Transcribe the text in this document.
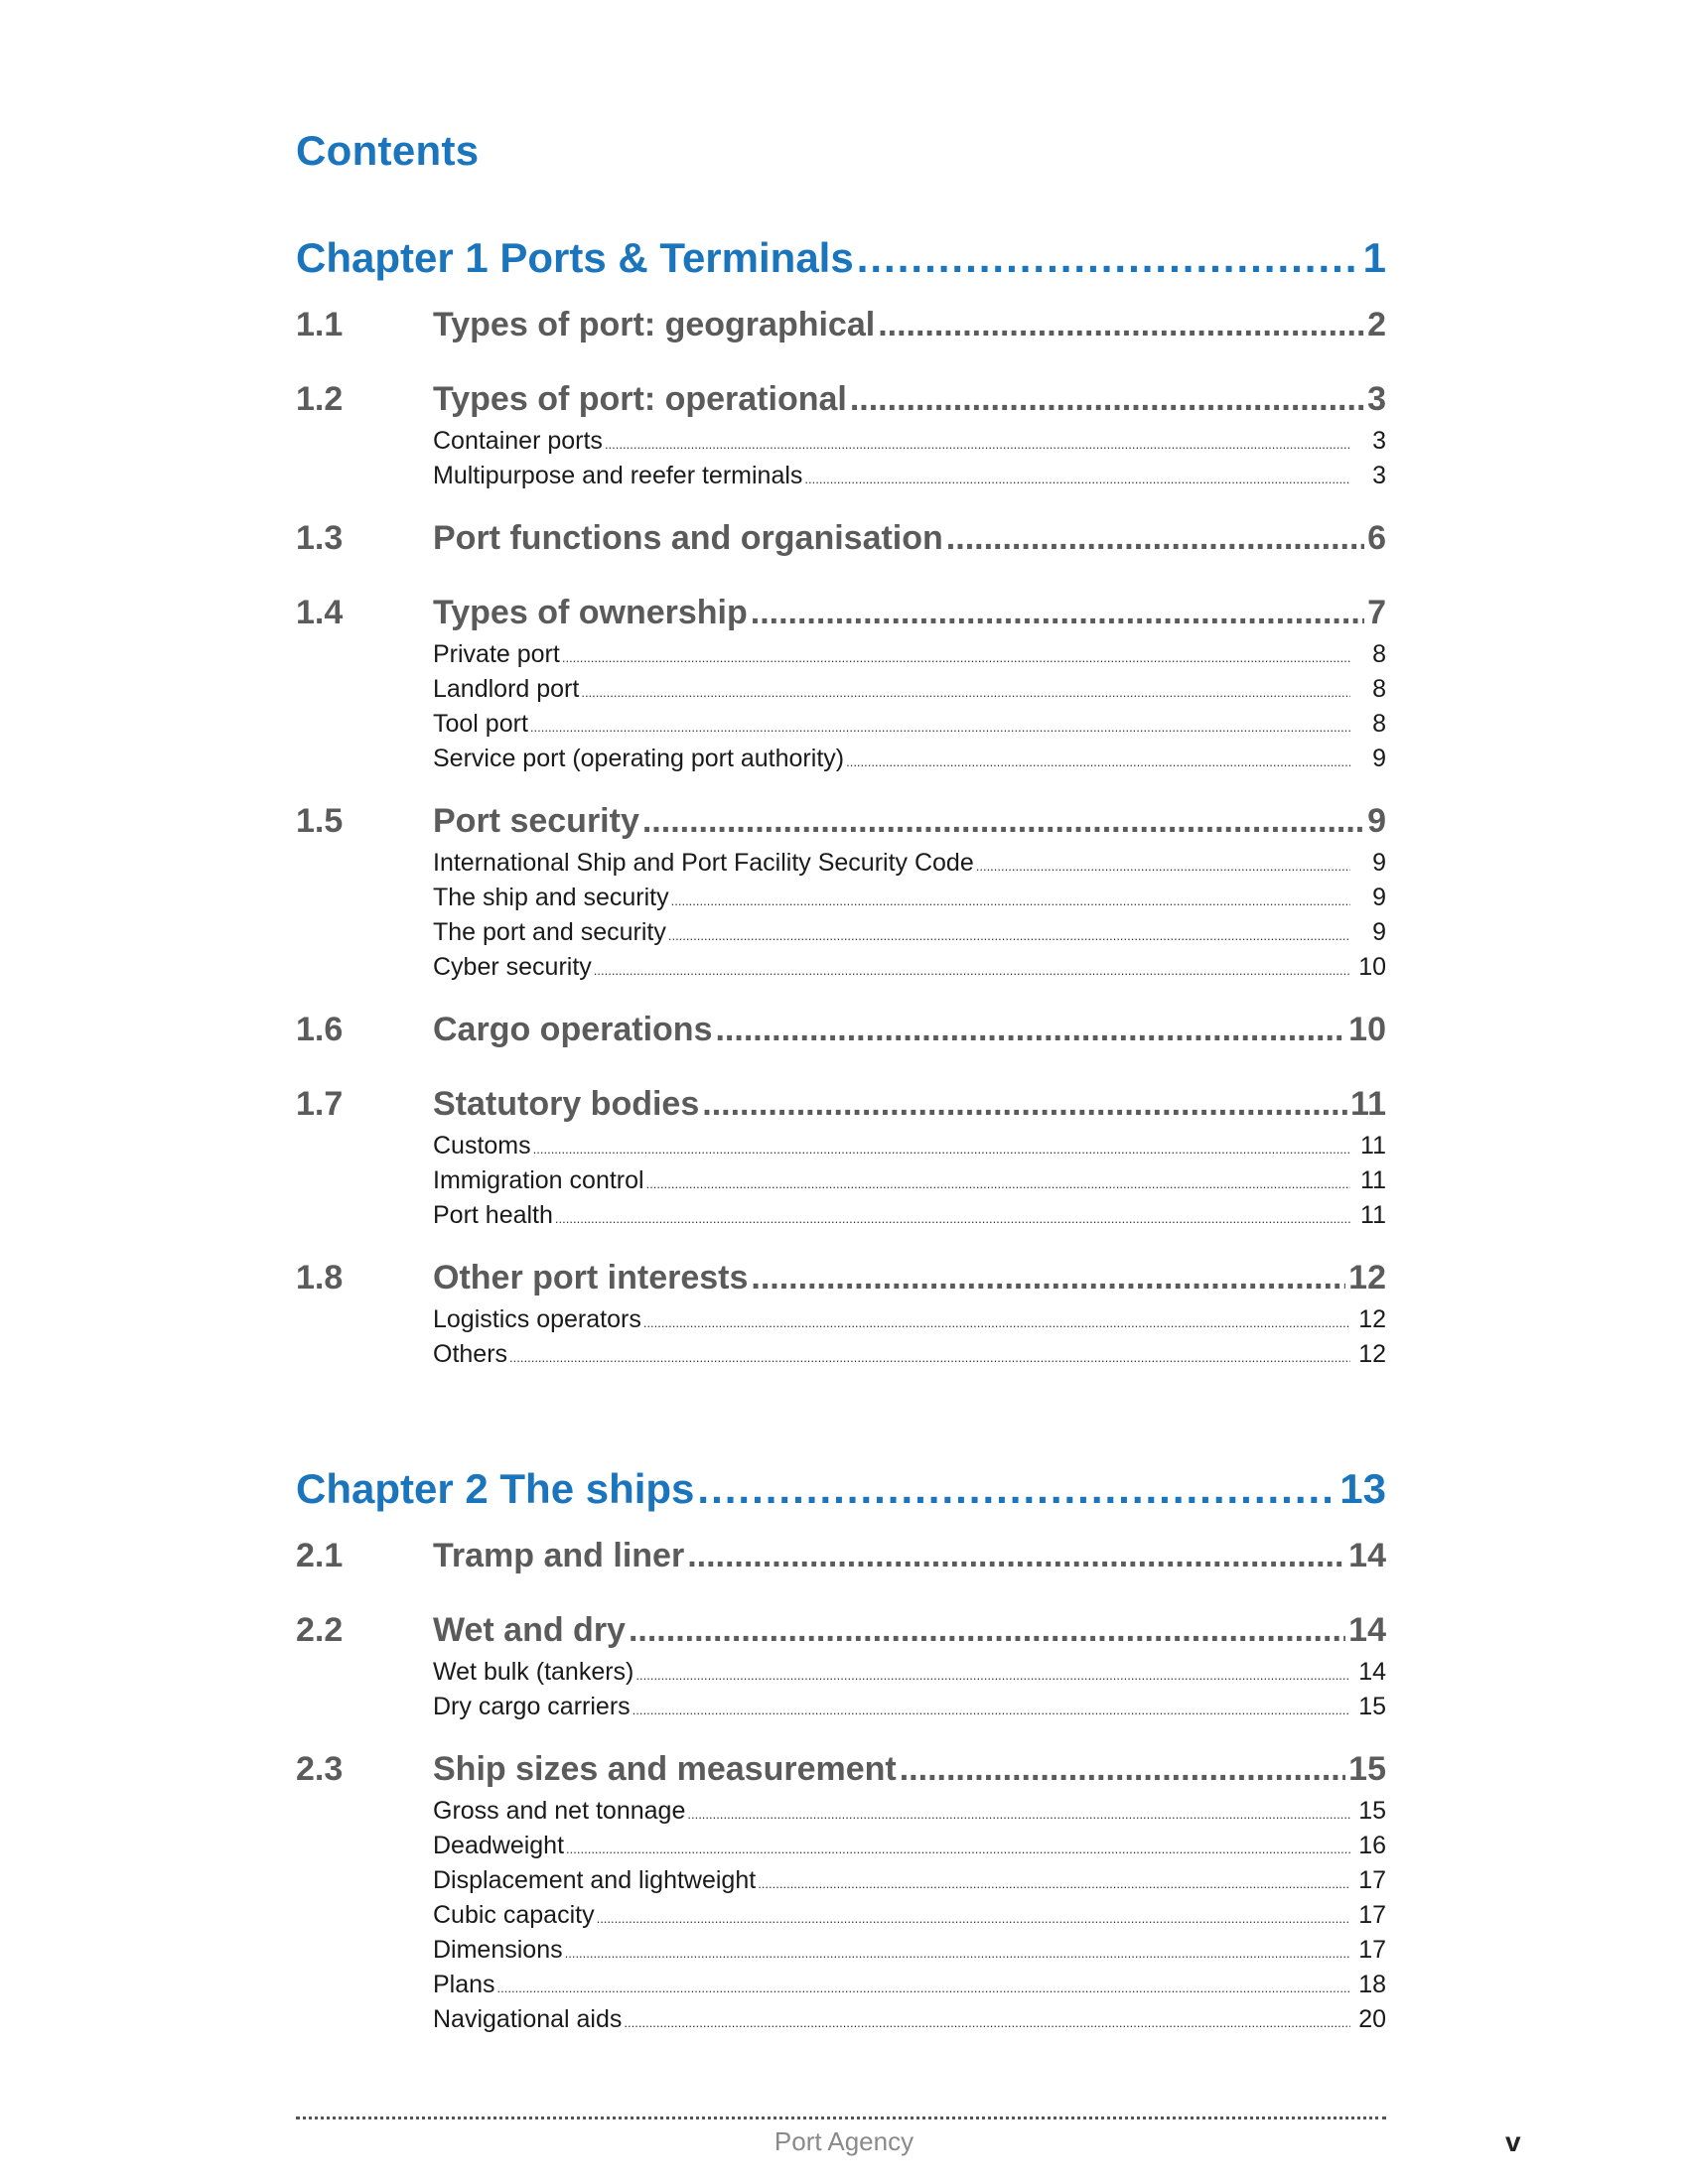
Contents
Chapter 1 Ports & Terminals .....	1
1.1	Types of port: geographical .....	2
1.2	Types of port: operational .....	3
Container ports .....	3
Multipurpose and reefer terminals .....	3
1.3	Port functions and organisation .....	6
1.4	Types of ownership .....	7
Private port .....	8
Landlord port .....	8
Tool port .....	8
Service port (operating port authority) .....	9
1.5	Port security .....	9
International Ship and Port Facility Security Code .....	9
The ship and security .....	9
The port and security .....	9
Cyber security .....	10
1.6	Cargo operations .....	10
1.7	Statutory bodies .....	11
Customs .....	11
Immigration control .....	11
Port health .....	11
1.8	Other port interests .....	12
Logistics operators .....	12
Others .....	12
Chapter 2 The ships .....	13
2.1	Tramp and liner .....	14
2.2	Wet and dry .....	14
Wet bulk (tankers) .....	14
Dry cargo carriers .....	15
2.3	Ship sizes and measurement .....	15
Gross and net tonnage .....	15
Deadweight .....	16
Displacement and lightweight .....	17
Cubic capacity .....	17
Dimensions .....	17
Plans .....	18
Navigational aids .....	20
Port Agency	v
